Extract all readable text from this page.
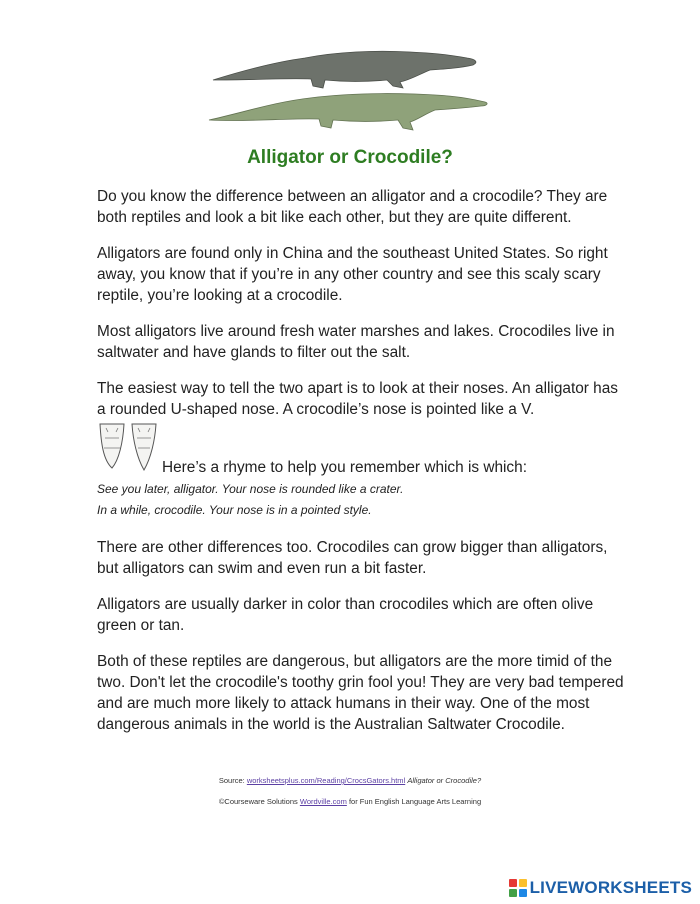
Alligator or Crocodile?

Do you know the difference between an alligator and a crocodile? They are both reptiles and look a bit like each other, but they are quite different.

Alligators are found only in China and the southeast United States. So right away, you know that if you’re in any other country and see this scaly scary reptile, you’re looking at a crocodile.

Most alligators live around fresh water marshes and lakes. Crocodiles live in saltwater and have glands to filter out the salt.

The easiest way to tell the two apart is to look at their noses. An alligator has a rounded U-shaped nose. A crocodile’s nose is pointed like a V.

Here’s a rhyme to help you remember which is which:

See you later, alligator. Your nose is rounded like a crater.

In a while, crocodile. Your nose is in a pointed style.

There are other differences too. Crocodiles can grow bigger than alligators, but alligators can swim and even run a bit faster.

Alligators are usually darker in color than crocodiles which are often olive green or tan.

Both of these reptiles are dangerous, but alligators are the more timid of the two. Don't let the crocodile's toothy grin fool you! They are very bad tempered and are much more likely to attack humans in their way. One of the most dangerous animals in the world is the Australian Saltwater Crocodile.

Source: worksheetsplus.com/Reading/CrocsGators.html Alligator or Crocodile?

©Courseware Solutions Wordville.com for Fun English Language Arts Learning

LIVEWORKSHEETS
